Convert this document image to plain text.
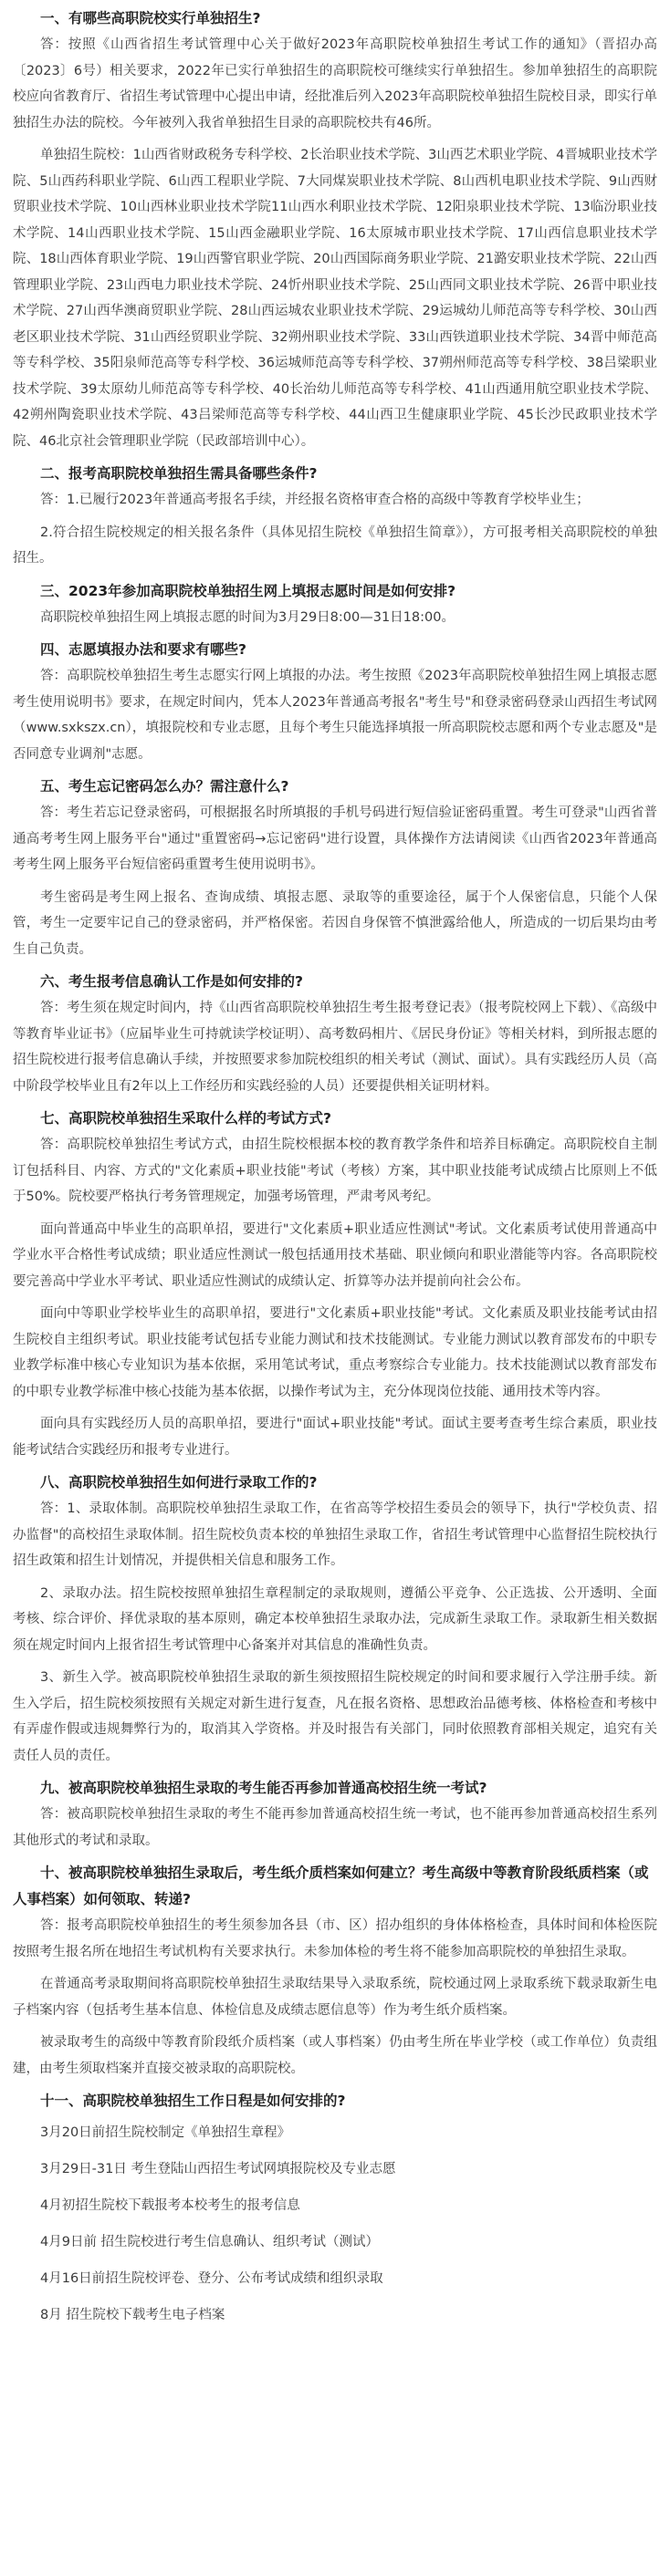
一、有哪些高职院校实行单独招生?

答：按照《山西省招生考试管理中心关于做好2023年高职院校单独招生考试工作的通知》（晋招办高〔2023〕6号）相关要求，2022年已实行单独招生的高职院校可继续实行单独招生。参加单独招生的高职院校应向省教育厅、省招生考试管理中心提出申请，经批准后列入2023年高职院校单独招生院校目录，即实行单独招生办法的院校。今年被列入我省单独招生目录的高职院校共有46所。

单独招生院校：1山西省财政税务专科学校、2长治职业技术学院、3山西艺术职业学院、4晋城职业技术学院、5山西药科职业学院、6山西工程职业学院、7大同煤炭职业技术学院、8山西机电职业技术学院、9山西财贸职业技术学院、10山西林业职业技术学院11山西水利职业技术学院、12阳泉职业技术学院、13临汾职业技术学院、14山西职业技术学院、15山西金融职业学院、16太原城市职业技术学院、17山西信息职业技术学院、18山西体育职业学院、19山西警官职业学院、20山西国际商务职业学院、21潞安职业技术学院、22山西管理职业学院、23山西电力职业技术学院、24忻州职业技术学院、25山西同文职业技术学院、26晋中职业技术学院、27山西华澳商贸职业学院、28山西运城农业职业技术学院、29运城幼儿师范高等专科学校、30山西老区职业技术学院、31山西经贸职业学院、32朔州职业技术学院、33山西铁道职业技术学院、34晋中师范高等专科学校、35阳泉师范高等专科学校、36运城师范高等专科学校、37朔州师范高等专科学校、38吕梁职业技术学院、39太原幼儿师范高等专科学校、40长治幼儿师范高等专科学校、41山西通用航空职业技术学院、42朔州陶瓷职业技术学院、43吕梁师范高等专科学校、44山西卫生健康职业学院、45长沙民政职业技术学院、46北京社会管理职业学院（民政部培训中心）。

二、报考高职院校单独招生需具备哪些条件?

答：1.已履行2023年普通高考报名手续，并经报名资格审查合格的高级中等教育学校毕业生；

2.符合招生院校规定的相关报名条件（具体见招生院校《单独招生简章》），方可报考相关高职院校的单独招生。

三、2023年参加高职院校单独招生网上填报志愿时间是如何安排?

高职院校单独招生网上填报志愿的时间为3月29日8:00—31日18:00。

四、志愿填报办法和要求有哪些?

答：高职院校单独招生考生志愿实行网上填报的办法。考生按照《2023年高职院校单独招生网上填报志愿考生使用说明书》要求，在规定时间内，凭本人2023年普通高考报名"考生号"和登录密码登录山西招生考试网（www.sxkszx.cn），填报院校和专业志愿，且每个考生只能选择填报一所高职院校志愿和两个专业志愿及"是否同意专业调剂"志愿。

五、考生忘记密码怎么办？需注意什么?

答：考生若忘记登录密码，可根据报名时所填报的手机号码进行短信验证密码重置。考生可登录"山西省普通高考考生网上服务平台"通过"重置密码→忘记密码"进行设置，具体操作方法请阅读《山西省2023年普通高考考生网上服务平台短信密码重置考生使用说明书》。

考生密码是考生网上报名、查询成绩、填报志愿、录取等的重要途径，属于个人保密信息，只能个人保管，考生一定要牢记自己的登录密码，并严格保密。若因自身保管不慎泄露给他人，所造成的一切后果均由考生自己负责。

六、考生报考信息确认工作是如何安排的?

答：考生须在规定时间内，持《山西省高职院校单独招生考生报考登记表》（报考院校网上下载）、《高级中等教育毕业证书》（应届毕业生可持就读学校证明）、高考数码相片、《居民身份证》等相关材料，到所报志愿的招生院校进行报考信息确认手续，并按照要求参加院校组织的相关考试（测试、面试）。具有实践经历人员（高中阶段学校毕业且有2年以上工作经历和实践经验的人员）还要提供相关证明材料。

七、高职院校单独招生采取什么样的考试方式?

答：高职院校单独招生考试方式，由招生院校根据本校的教育教学条件和培养目标确定。高职院校自主制订包括科目、内容、方式的"文化素质+职业技能"考试（考核）方案，其中职业技能考试成绩占比原则上不低于50%。院校要严格执行考务管理规定，加强考场管理，严肃考风考纪。

面向普通高中毕业生的高职单招，要进行"文化素质+职业适应性测试"考试。文化素质考试使用普通高中学业水平合格性考试成绩；职业适应性测试一般包括通用技术基础、职业倾向和职业潜能等内容。各高职院校要完善高中学业水平考试、职业适应性测试的成绩认定、折算等办法并提前向社会公布。

面向中等职业学校毕业生的高职单招，要进行"文化素质+职业技能"考试。文化素质及职业技能考试由招生院校自主组织考试。职业技能考试包括专业能力测试和技术技能测试。专业能力测试以教育部发布的中职专业教学标准中核心专业知识为基本依据，采用笔试考试，重点考察综合专业能力。技术技能测试以教育部发布的中职专业教学标准中核心技能为基本依据，以操作考试为主，充分体现岗位技能、通用技术等内容。

面向具有实践经历人员的高职单招，要进行"面试+职业技能"考试。面试主要考查考生综合素质，职业技能考试结合实践经历和报考专业进行。

八、高职院校单独招生如何进行录取工作的?

答：1、录取体制。高职院校单独招生录取工作，在省高等学校招生委员会的领导下，执行"学校负责、招办监督"的高校招生录取体制。招生院校负责本校的单独招生录取工作，省招生考试管理中心监督招生院校执行招生政策和招生计划情况，并提供相关信息和服务工作。

2、录取办法。招生院校按照单独招生章程制定的录取规则，遵循公平竞争、公正选拔、公开透明、全面考核、综合评价、择优录取的基本原则，确定本校单独招生录取办法，完成新生录取工作。录取新生相关数据须在规定时间内上报省招生考试管理中心备案并对其信息的准确性负责。

3、新生入学。被高职院校单独招生录取的新生须按照招生院校规定的时间和要求履行入学注册手续。新生入学后，招生院校须按照有关规定对新生进行复查，凡在报名资格、思想政治品德考核、体格检查和考核中有弄虚作假或违规舞弊行为的，取消其入学资格。并及时报告有关部门，同时依照教育部相关规定，追究有关责任人员的责任。

九、被高职院校单独招生录取的考生能否再参加普通高校招生统一考试?

答：被高职院校单独招生录取的考生不能再参加普通高校招生统一考试，也不能再参加普通高校招生系列其他形式的考试和录取。

十、被高职院校单独招生录取后，考生纸介质档案如何建立？考生高级中等教育阶段纸质档案（或人事档案）如何领取、转递?

答：报考高职院校单独招生的考生须参加各县（市、区）招办组织的身体体格检查，具体时间和体检医院按照考生报名所在地招生考试机构有关要求执行。未参加体检的考生将不能参加高职院校的单独招生录取。

在普通高考录取期间将高职院校单独招生录取结果导入录取系统，院校通过网上录取系统下载录取新生电子档案内容（包括考生基本信息、体检信息及成绩志愿信息等）作为考生纸介质档案。

被录取考生的高级中等教育阶段纸介质档案（或人事档案）仍由考生所在毕业学校（或工作单位）负责组建，由考生须取档案并直接交被录取的高职院校。

十一、高职院校单独招生工作日程是如何安排的?

3月20日前招生院校制定《单独招生章程》

3月29日-31日 考生登陆山西招生考试网填报院校及专业志愿

4月初招生院校下载报考本校考生的报考信息

4月9日前 招生院校进行考生信息确认、组织考试（测试）

4月16日前招生院校评卷、登分、公布考试成绩和组织录取

8月 招生院校下载考生电子档案
